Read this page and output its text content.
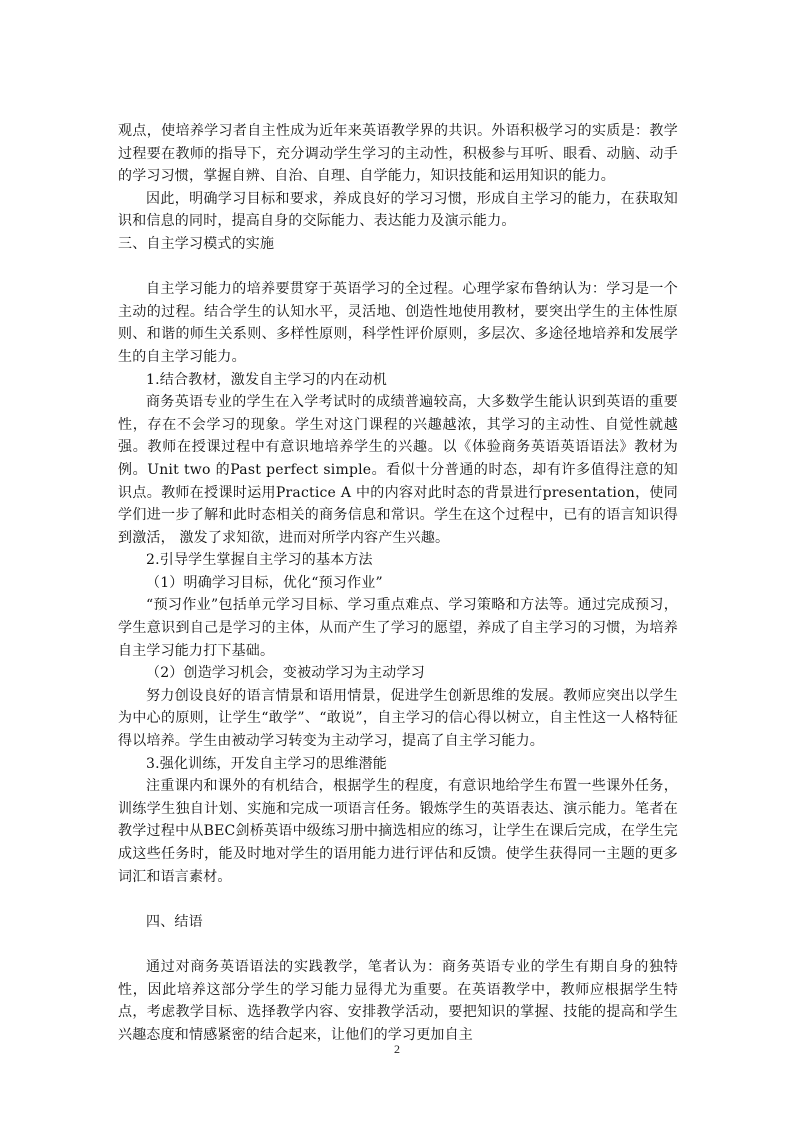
观点，使培养学习者自主性成为近年来英语教学界的共识。外语积极学习的实质是：教学过程要在教师的指导下，充分调动学生学习的主动性，积极参与耳听、眼看、动脑、动手的学习习惯，掌握自辨、自治、自理、自学能力，知识技能和运用知识的能力。

因此，明确学习目标和要求，养成良好的学习习惯，形成自主学习的能力，在获取知识和信息的同时，提高自身的交际能力、表达能力及演示能力。

三、自主学习模式的实施

自主学习能力的培养要贯穿于英语学习的全过程。心理学家布鲁纳认为：学习是一个主动的过程。结合学生的认知水平，灵活地、创造性地使用教材，要突出学生的主体性原则、和谐的师生关系则、多样性原则，科学性评价原则，多层次、多途径地培养和发展学生的自主学习能力。

1.结合教材，激发自主学习的内在动机

商务英语专业的学生在入学考试时的成绩普遍较高，大多数学生能认识到英语的重要性，存在不会学习的现象。学生对这门课程的兴趣越浓，其学习的主动性、自觉性就越强。教师在授课过程中有意识地培养学生的兴趣。以《体验商务英语英语语法》教材为例。Unit two 的Past perfect simple。看似十分普通的时态，却有许多值得注意的知识点。教师在授课时运用Practice A 中的内容对此时态的背景进行presentation，使同学们进一步了解和此时态相关的商务信息和常识。学生在这个过程中，已有的语言知识得到激活， 激发了求知欲，进而对所学内容产生兴趣。

2.引导学生掌握自主学习的基本方法

（1）明确学习目标，优化“预习作业”

“预习作业”包括单元学习目标、学习重点难点、学习策略和方法等。通过完成预习，学生意识到自己是学习的主体，从而产生了学习的愿望，养成了自主学习的习惯，为培养自主学习能力打下基础。

（2）创造学习机会，变被动学习为主动学习

努力创设良好的语言情景和语用情景，促进学生创新思维的发展。教师应突出以学生为中心的原则，让学生“敢学”、“敢说”，自主学习的信心得以树立，自主性这一人格特征得以培养。学生由被动学习转变为主动学习，提高了自主学习能力。

3.强化训练，开发自主学习的思维潜能

注重课内和课外的有机结合，根据学生的程度，有意识地给学生布置一些课外任务，训练学生独自计划、实施和完成一项语言任务。锻炼学生的英语表达、演示能力。笔者在教学过程中从BEC剑桥英语中级练习册中摘选相应的练习，让学生在课后完成，在学生完成这些任务时，能及时地对学生的语用能力进行评估和反馈。使学生获得同一主题的更多词汇和语言素材。

四、结语

通过对商务英语语法的实践教学，笔者认为：商务英语专业的学生有期自身的独特性，因此培养这部分学生的学习能力显得尤为重要。在英语教学中，教师应根据学生特点，考虑教学目标、选择教学内容、安排教学活动，要把知识的掌握、技能的提高和学生兴趣态度和情感紧密的结合起来，让他们的学习更加自主

2
